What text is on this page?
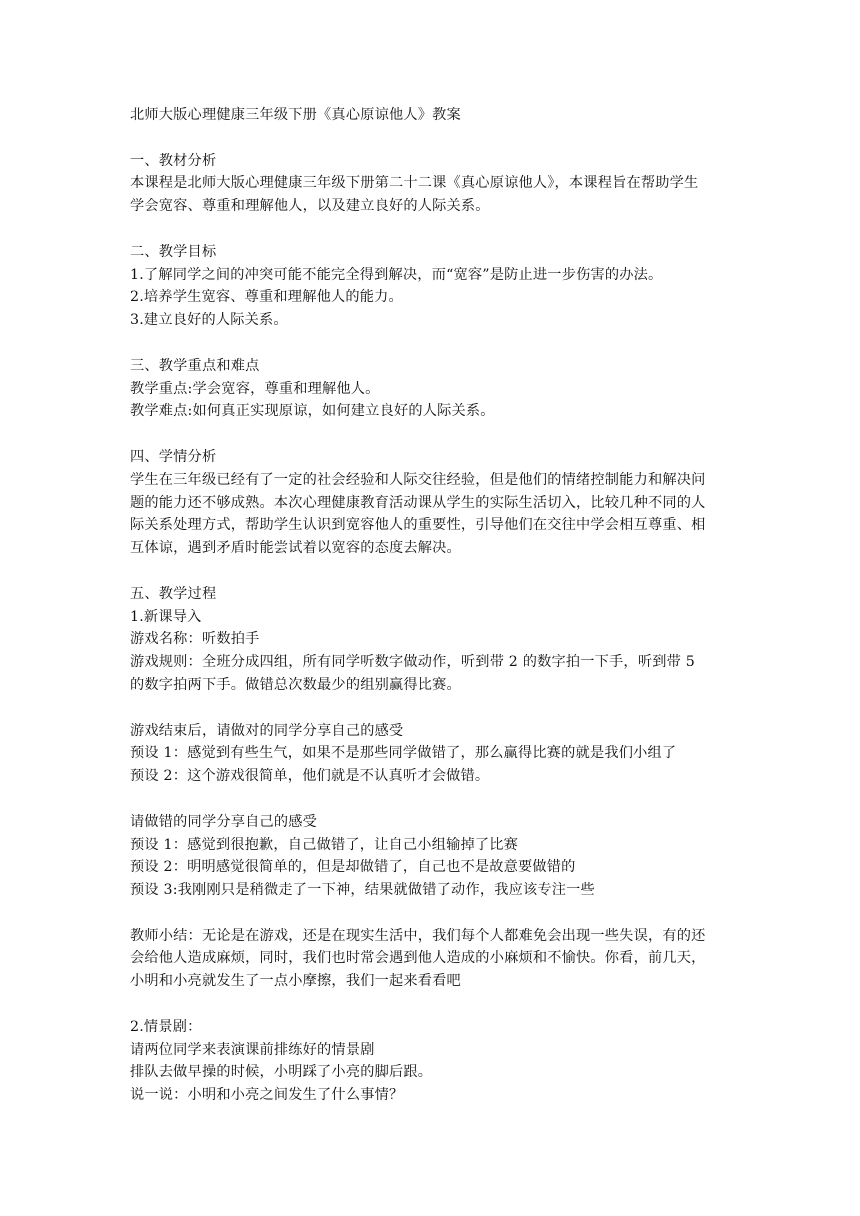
北师大版心理健康三年级下册《真心原谅他人》教案
一、教材分析
本课程是北师大版心理健康三年级下册第二十二课《真心原谅他人》，本课程旨在帮助学生
学会宽容、尊重和理解他人，以及建立良好的人际关系。
二、教学目标
1.了解同学之间的冲突可能不能完全得到解决，而“宽容”是防止进一步伤害的办法。
2.培养学生宽容、尊重和理解他人的能力。
3.建立良好的人际关系。
三、教学重点和难点
教学重点:学会宽容，尊重和理解他人。
教学难点:如何真正实现原谅，如何建立良好的人际关系。
四、学情分析
学生在三年级已经有了一定的社会经验和人际交往经验，但是他们的情绪控制能力和解决问
题的能力还不够成熟。本次心理健康教育活动课从学生的实际生活切入，比较几种不同的人
际关系处理方式，帮助学生认识到宽容他人的重要性，引导他们在交往中学会相互尊重、相
互体谅，遇到矛盾时能尝试着以宽容的态度去解决。
五、教学过程
1.新课导入
游戏名称：听数拍手
游戏规则：全班分成四组，所有同学听数字做动作，听到带 2 的数字拍一下手，听到带 5
的数字拍两下手。做错总次数最少的组别赢得比赛。
游戏结束后，请做对的同学分享自己的感受
预设 1：感觉到有些生气，如果不是那些同学做错了，那么赢得比赛的就是我们小组了
预设 2：这个游戏很简单，他们就是不认真听才会做错。
请做错的同学分享自己的感受
预设 1：感觉到很抱歉，自己做错了，让自己小组输掉了比赛
预设 2：明明感觉很简单的，但是却做错了，自己也不是故意要做错的
预设 3:我刚刚只是稍微走了一下神，结果就做错了动作，我应该专注一些
教师小结：无论是在游戏，还是在现实生活中，我们每个人都难免会出现一些失误，有的还
会给他人造成麻烦，同时，我们也时常会遇到他人造成的小麻烦和不愉快。你看，前几天，
小明和小亮就发生了一点小摩擦，我们一起来看看吧
2.情景剧：
请两位同学来表演课前排练好的情景剧
排队去做早操的时候，小明踩了小亮的脚后跟。
说一说：小明和小亮之间发生了什么事情？
